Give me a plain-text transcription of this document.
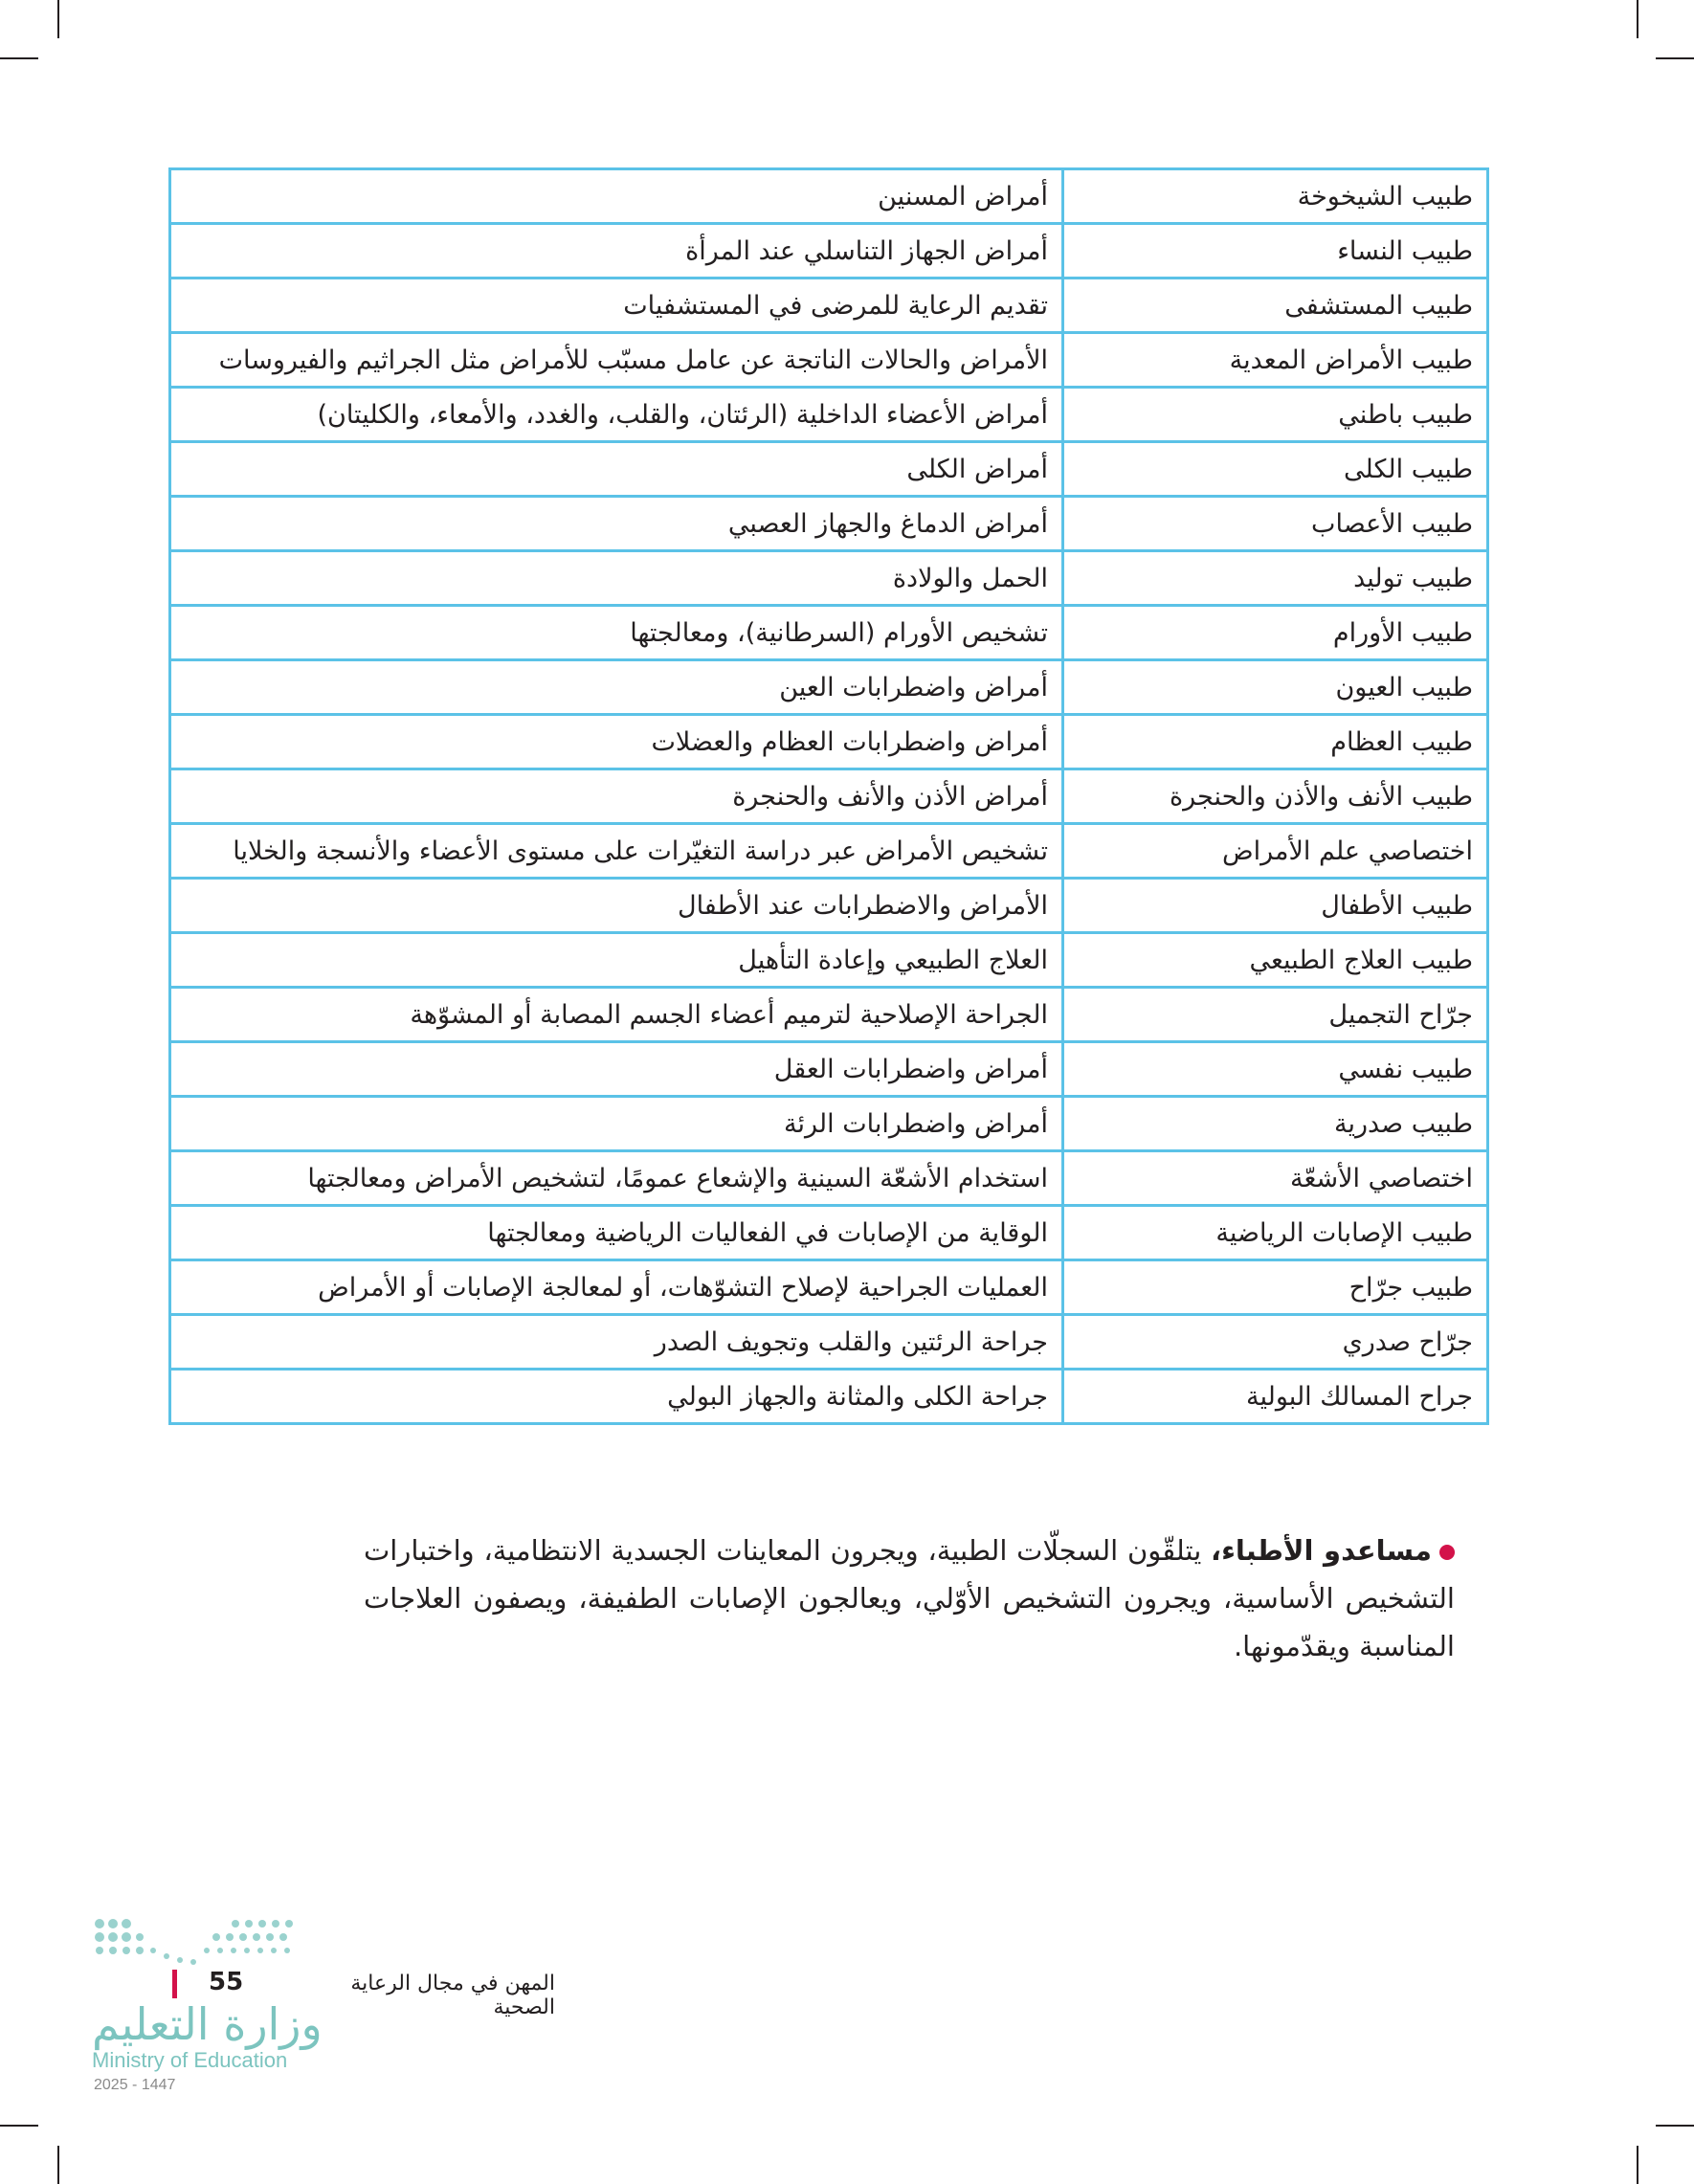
طبيب الشيخوخة	أمراض المسنين
طبيب النساء	أمراض الجهاز التناسلي عند المرأة
طبيب المستشفى	تقديم الرعاية للمرضى في المستشفيات
طبيب الأمراض المعدية	الأمراض والحالات الناتجة عن عامل مسبّب للأمراض مثل الجراثيم والفيروسات
طبيب باطني	أمراض الأعضاء الداخلية (الرئتان، والقلب، والغدد، والأمعاء، والكليتان)
طبيب الكلى	أمراض الكلى
طبيب الأعصاب	أمراض الدماغ والجهاز العصبي
طبيب توليد	الحمل والولادة
طبيب الأورام	تشخيص الأورام (السرطانية)، ومعالجتها
طبيب العيون	أمراض واضطرابات العين
طبيب العظام	أمراض واضطرابات العظام والعضلات
طبيب الأنف والأذن والحنجرة	أمراض الأذن والأنف والحنجرة
اختصاصي علم الأمراض	تشخيص الأمراض عبر دراسة التغيّرات على مستوى الأعضاء والأنسجة والخلايا
طبيب الأطفال	الأمراض والاضطرابات عند الأطفال
طبيب العلاج الطبيعي	العلاج الطبيعي وإعادة التأهيل
جرّاح التجميل	الجراحة الإصلاحية لترميم أعضاء الجسم المصابة أو المشوّهة
طبيب نفسي	أمراض واضطرابات العقل
طبيب صدرية	أمراض واضطرابات الرئة
اختصاصي الأشعّة	استخدام الأشعّة السينية والإشعاع عمومًا، لتشخيص الأمراض ومعالجتها
طبيب الإصابات الرياضية	الوقاية من الإصابات في الفعاليات الرياضية ومعالجتها
طبيب جرّاح	العمليات الجراحية لإصلاح التشوّهات، أو لمعالجة الإصابات أو الأمراض
جرّاح صدري	جراحة الرئتين والقلب وتجويف الصدر
جراح المسالك البولية	جراحة الكلى والمثانة والجهاز البولي
مساعدو الأطباء، يتلقّون السجلّات الطبية، ويجرون المعاينات الجسدية الانتظامية، واختبارات التشخيص الأساسية، ويجرون التشخيص الأوّلي، ويعالجون الإصابات الطفيفة، ويصفون العلاجات المناسبة ويقدّمونها.
55	المهن في مجال الرعاية الصحية
وزارة التعليم
Ministry of Education
2025 - 1447
